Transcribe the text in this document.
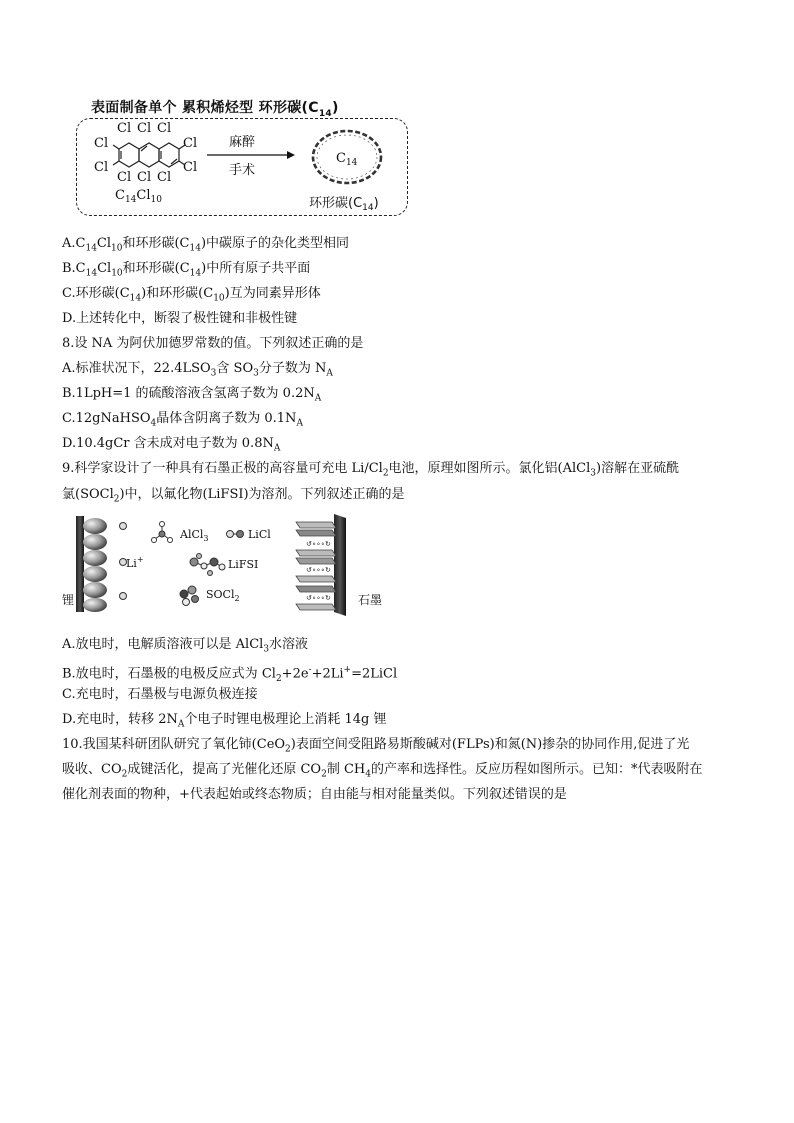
表面制备单个 累积烯烃型 环形碳$(C_{14})$
Cl Cl Cl
Cl	Cl
Cl	Cl
Cl Cl Cl
$C_{14}Cl_{10}$
麻醉
手术
$C_{14}$
环形碳$(C_{14})$
$A.C_{14}Cl_{10}$和环形碳$(C_{14})$中碳原子的杂化类型相同
$B.C_{14}Cl_{10}$和环形碳$(C_{14})$中所有原子共平面
C.环形碳$(C_{14})$和环形碳$(C_{10})$互为同素异形体
D.上述转化中，断裂了极性键和非极性键
8.设 NA 为阿伏加德罗常数的值。下列叙述正确的是
A.标准状况下，$22.4LSO_3$含 $SO_3$分子数为 $N_A$
B.1LpH=1 的硫酸溶液含氢离子数为 $0.2N_A$
C.12gNaHSO$_4$晶体含阴离子数为 $0.1N_A$
D.10.4gCr 含未成对电子数为 $0.8N_A$
9.科学家设计了一种具有石墨正极的高容量可充电 $Li/Cl_2$电池，原理如图所示。氯化铝(AlCl$_3$)溶解在亚硫酰
氯(SOCl$_2$)中，以氟化物(LiFSI)为溶剂。下列叙述正确的是
Li+
锂
AlCl$_3$	LiCl
LiFSI
SOCl$_2$
↺∘∘∘↻
↺∘∘∘↻
↺∘∘∘↻ 石墨
A.放电时，电解质溶液可以是 AlCl$_3$水溶液
B.放电时，石墨极的电极反应式为 $Cl_2+2e^-+2Li^+=2LiCl$
C.充电时，石墨极与电源负极连接
D.充电时，转移 $2N_A$个电子时锂电极理论上消耗 14g 锂
10.我国某科研团队研究了氧化铈(CeO$_2$)表面空间受阻路易斯酸碱对(FLPs)和氮(N)掺杂的协同作用,促进了光
吸收、$CO_2$成键活化，提高了光催化还原 $CO_2$制 $CH_4$的产率和选择性。反应历程如图所示。已知：*代表吸附在
催化剂表面的物种，+代表起始或终态物质；自由能与相对能量类似。下列叙述错误的是
